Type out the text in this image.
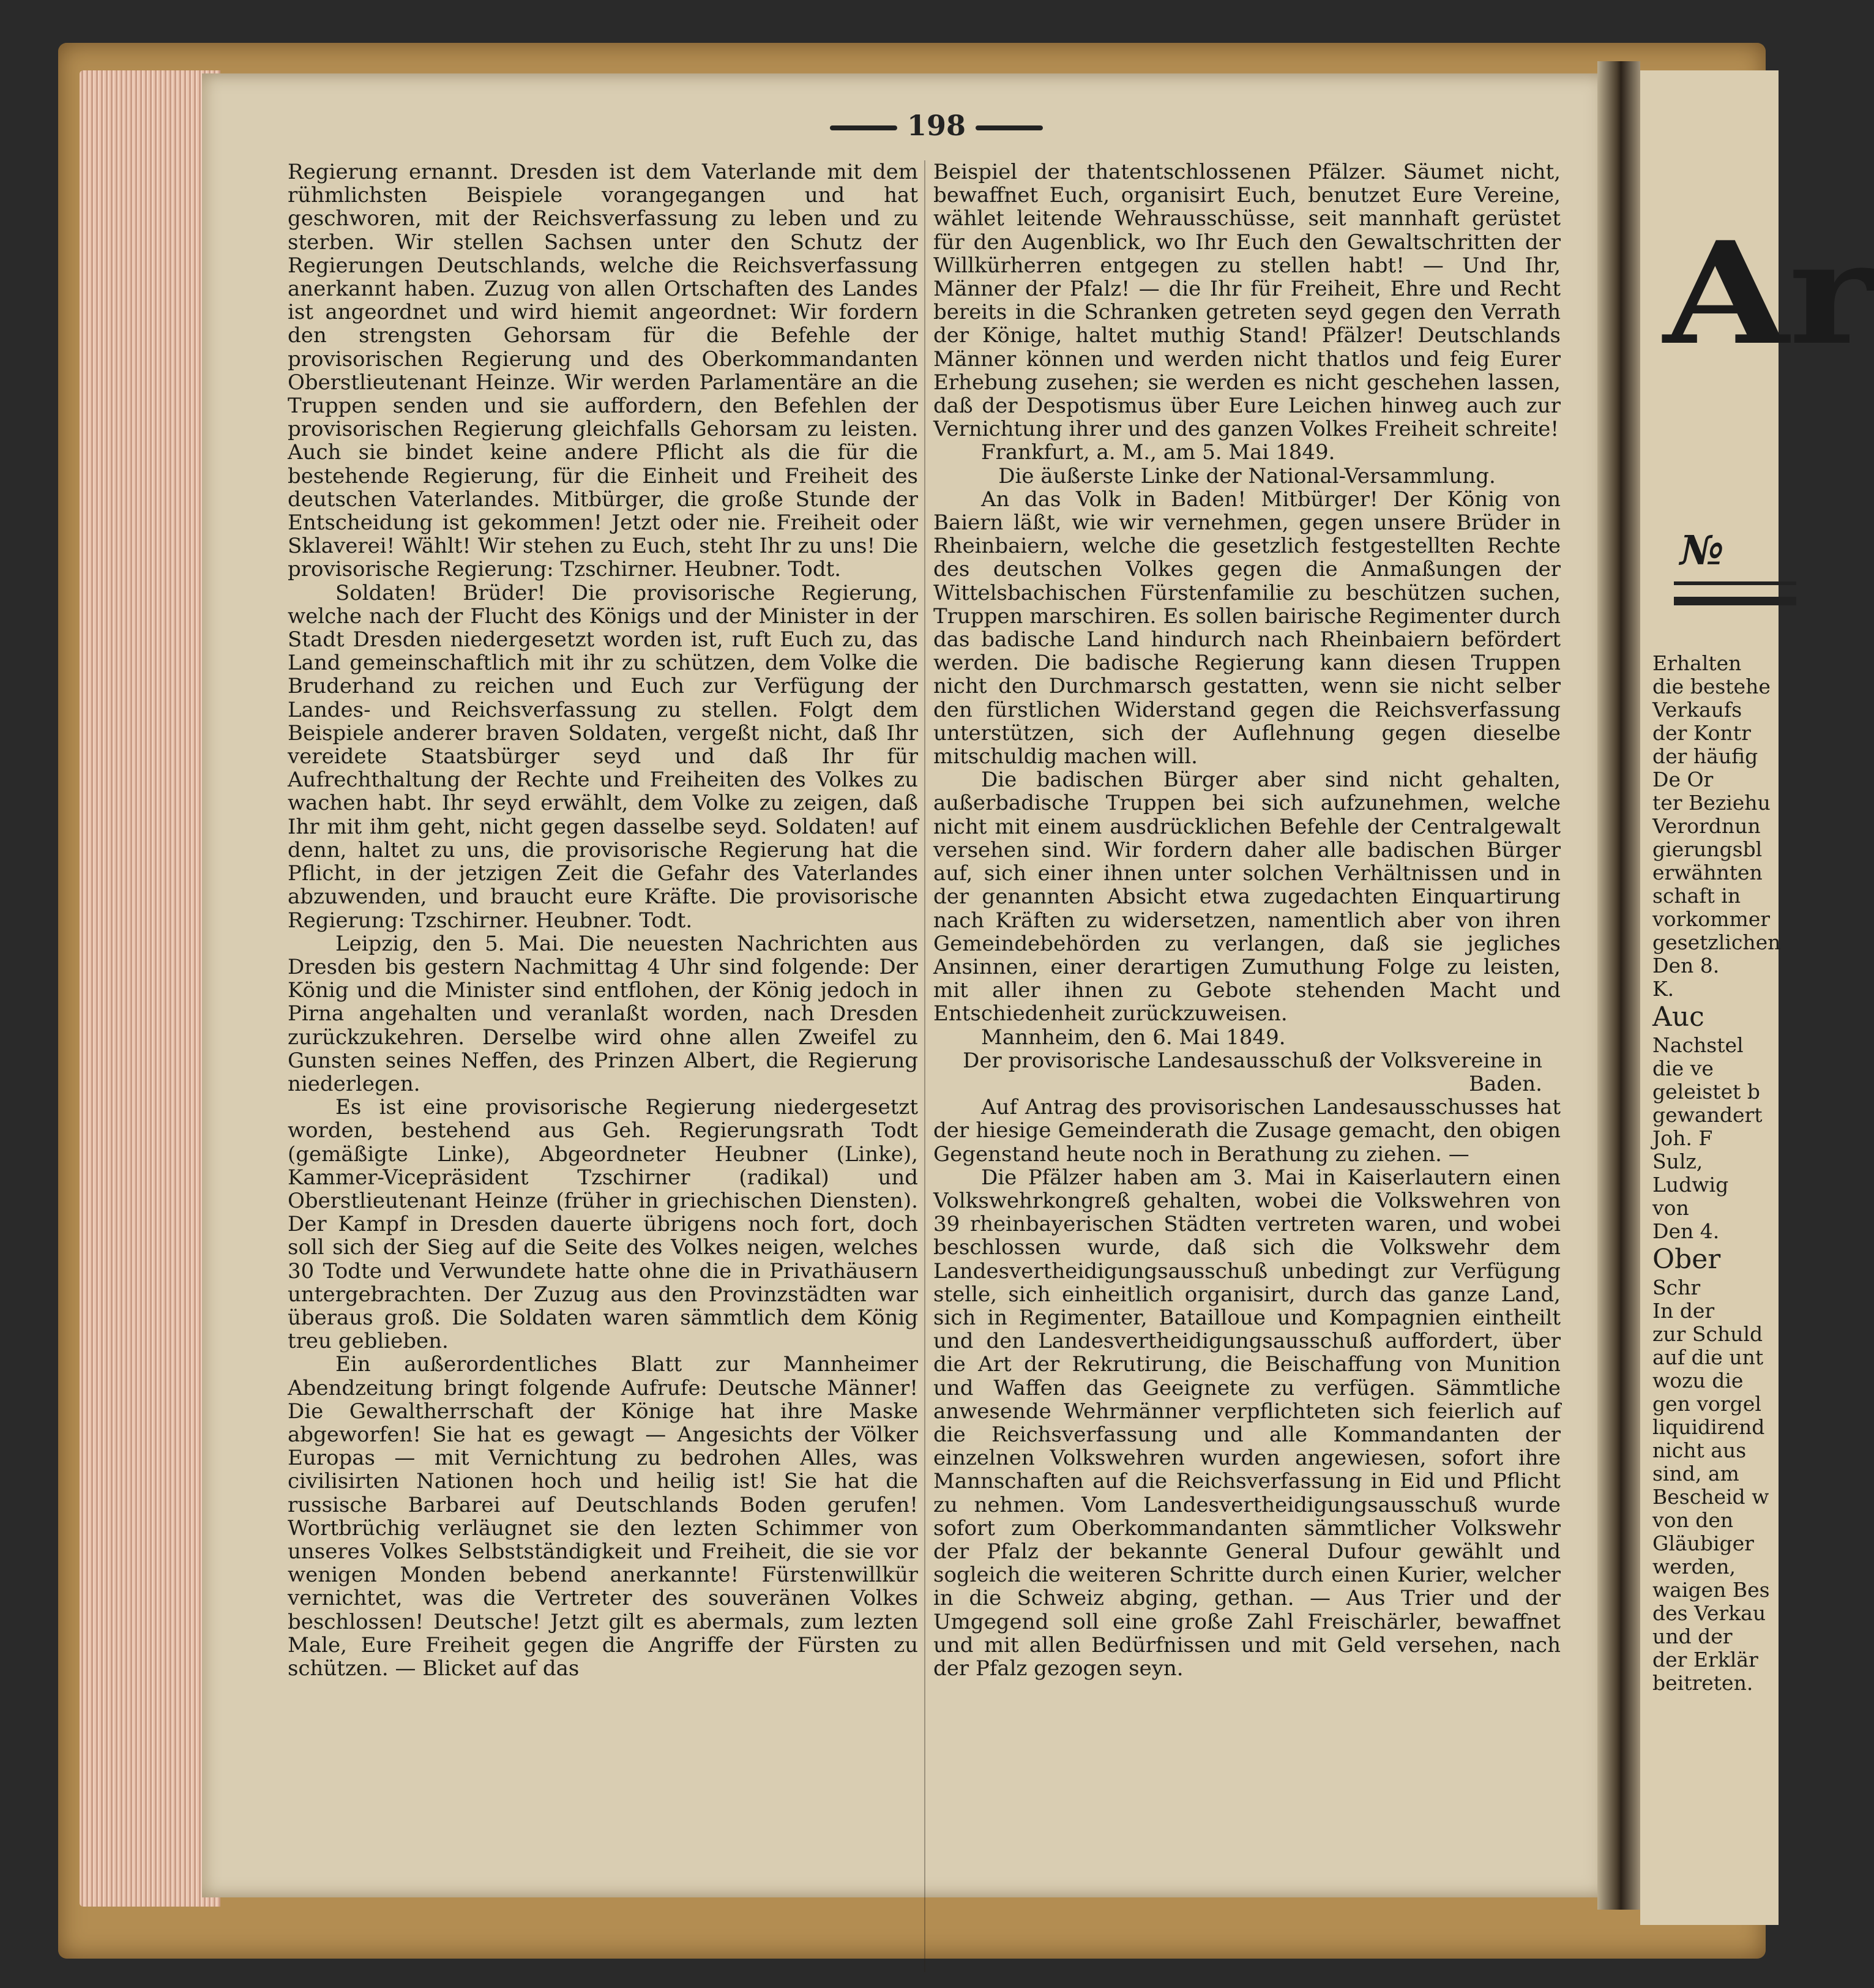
198

Regierung ernannt. Dresden ist dem Vaterlande mit dem rühmlichsten Beispiele vorangegangen und hat geschworen, mit der Reichsverfassung zu leben und zu sterben. Wir stellen Sachsen unter den Schutz der Regierungen Deutschlands, welche die Reichsverfassung anerkannt haben. Zuzug von allen Ortschaften des Landes ist angeordnet und wird hiemit angeordnet: Wir fordern den strengsten Gehorsam für die Befehle der provisorischen Regierung und des Oberkommandanten Oberstlieutenant Heinze. Wir werden Parlamentäre an die Truppen senden und sie auffordern, den Befehlen der provisorischen Regierung gleichfalls Gehorsam zu leisten. Auch sie bindet keine andere Pflicht als die für die bestehende Regierung, für die Einheit und Freiheit des deutschen Vaterlandes. Mitbürger, die große Stunde der Entscheidung ist gekommen! Jetzt oder nie. Freiheit oder Sklaverei! Wählt! Wir stehen zu Euch, steht Ihr zu uns! Die provisorische Regierung: Tzschirner. Heubner. Todt.

Soldaten! Brüder! Die provisorische Regierung, welche nach der Flucht des Königs und der Minister in der Stadt Dresden niedergesetzt worden ist, ruft Euch zu, das Land gemeinschaftlich mit ihr zu schützen, dem Volke die Bruderhand zu reichen und Euch zur Verfügung der Landes- und Reichsverfassung zu stellen. Folgt dem Beispiele anderer braven Soldaten, vergeßt nicht, daß Ihr vereidete Staatsbürger seyd und daß Ihr für Aufrechthaltung der Rechte und Freiheiten des Volkes zu wachen habt. Ihr seyd erwählt, dem Volke zu zeigen, daß Ihr mit ihm geht, nicht gegen dasselbe seyd. Soldaten! auf denn, haltet zu uns, die provisorische Regierung hat die Pflicht, in der jetzigen Zeit die Gefahr des Vaterlandes abzuwenden, und braucht eure Kräfte. Die provisorische Regierung: Tzschirner. Heubner. Todt.

Leipzig, den 5. Mai. Die neuesten Nachrichten aus Dresden bis gestern Nachmittag 4 Uhr sind folgende: Der König und die Minister sind entflohen, der König jedoch in Pirna angehalten und veranlaßt worden, nach Dresden zurückzukehren. Derselbe wird ohne allen Zweifel zu Gunsten seines Neffen, des Prinzen Albert, die Regierung niederlegen.

Es ist eine provisorische Regierung niedergesetzt worden, bestehend aus Geh. Regierungsrath Todt (gemäßigte Linke), Abgeordneter Heubner (Linke), Kammer-Vicepräsident Tzschirner (radikal) und Oberstlieutenant Heinze (früher in griechischen Diensten). Der Kampf in Dresden dauerte übrigens noch fort, doch soll sich der Sieg auf die Seite des Volkes neigen, welches 30 Todte und Verwundete hatte ohne die in Privathäusern untergebrachten. Der Zuzug aus den Provinzstädten war überaus groß. Die Soldaten waren sämmtlich dem König treu geblieben.

Ein außerordentliches Blatt zur Mannheimer Abendzeitung bringt folgende Aufrufe: Deutsche Männer! Die Gewaltherrschaft der Könige hat ihre Maske abgeworfen! Sie hat es gewagt — Angesichts der Völker Europas — mit Vernichtung zu bedrohen Alles, was civilisirten Nationen hoch und heilig ist! Sie hat die russische Barbarei auf Deutschlands Boden gerufen! Wortbrüchig verläugnet sie den lezten Schimmer von unseres Volkes Selbstständigkeit und Freiheit, die sie vor wenigen Monden bebend anerkannte! Fürstenwillkür vernichtet, was die Vertreter des souveränen Volkes beschlossen! Deutsche! Jetzt gilt es abermals, zum lezten Male, Eure Freiheit gegen die Angriffe der Fürsten zu schützen. — Blicket auf das

Beispiel der thatentschlossenen Pfälzer. Säumet nicht, bewaffnet Euch, organisirt Euch, benutzet Eure Vereine, wählet leitende Wehrausschüsse, seit mannhaft gerüstet für den Augenblick, wo Ihr Euch den Gewaltschritten der Willkürherren entgegen zu stellen habt! — Und Ihr, Männer der Pfalz! — die Ihr für Freiheit, Ehre und Recht bereits in die Schranken getreten seyd gegen den Verrath der Könige, haltet muthig Stand! Pfälzer! Deutschlands Männer können und werden nicht thatlos und feig Eurer Erhebung zusehen; sie werden es nicht geschehen lassen, daß der Despotismus über Eure Leichen hinweg auch zur Vernichtung ihrer und des ganzen Volkes Freiheit schreite!

Frankfurt, a. M., am 5. Mai 1849.

Die äußerste Linke der National-Versammlung.

An das Volk in Baden! Mitbürger! Der König von Baiern läßt, wie wir vernehmen, gegen unsere Brüder in Rheinbaiern, welche die gesetzlich festgestellten Rechte des deutschen Volkes gegen die Anmaßungen der Wittelsbachischen Fürstenfamilie zu beschützen suchen, Truppen marschiren. Es sollen bairische Regimenter durch das badische Land hindurch nach Rheinbaiern befördert werden. Die badische Regierung kann diesen Truppen nicht den Durchmarsch gestatten, wenn sie nicht selber den fürstlichen Widerstand gegen die Reichsverfassung unterstützen, sich der Auflehnung gegen dieselbe mitschuldig machen will.

Die badischen Bürger aber sind nicht gehalten, außerbadische Truppen bei sich aufzunehmen, welche nicht mit einem ausdrücklichen Befehle der Centralgewalt versehen sind. Wir fordern daher alle badischen Bürger auf, sich einer ihnen unter solchen Verhältnissen und in der genannten Absicht etwa zugedachten Einquartirung nach Kräften zu widersetzen, namentlich aber von ihren Gemeindebehörden zu verlangen, daß sie jegliches Ansinnen, einer derartigen Zumuthung Folge zu leisten, mit aller ihnen zu Gebote stehenden Macht und Entschiedenheit zurückzuweisen.

Mannheim, den 6. Mai 1849.

Der provisorische Landesausschuß der Volksvereine in Baden.

Auf Antrag des provisorischen Landesausschusses hat der hiesige Gemeinderath die Zusage gemacht, den obigen Gegenstand heute noch in Berathung zu ziehen. —

Die Pfälzer haben am 3. Mai in Kaiserlautern einen Volkswehrkongreß gehalten, wobei die Volkswehren von 39 rheinbayerischen Städten vertreten waren, und wobei beschlossen wurde, daß sich die Volkswehr dem Landesvertheidigungsausschuß unbedingt zur Verfügung stelle, sich einheitlich organisirt, durch das ganze Land, sich in Regimenter, Batailloue und Kompagnien eintheilt und den Landesvertheidigungsausschuß auffordert, über die Art der Rekrutirung, die Beischaffung von Munition und Waffen das Geeignete zu verfügen. Sämmtliche anwesende Wehrmänner verpflichteten sich feierlich auf die Reichsverfassung und alle Kommandanten der einzelnen Volkswehren wurden angewiesen, sofort ihre Mannschaften auf die Reichsverfassung in Eid und Pflicht zu nehmen. Vom Landesvertheidigungsausschuß wurde sofort zum Oberkommandanten sämmtlicher Volkswehr der Pfalz der bekannte General Dufour gewählt und sogleich die weiteren Schritte durch einen Kurier, welcher in die Schweiz abging, gethan. — Aus Trier und der Umgegend soll eine große Zahl Freischärler, bewaffnet und mit allen Bedürfnissen und mit Geld versehen, nach der Pfalz gezogen seyn.

Ar
№
Erhalten
die bestehe
Verkaufs
der Kontr
der häufig
De Or
ter Beziehu
Verordnun
gierungsbl
erwähnten
schaft in
vorkommer
gesetzlichen
Den 8.
K.
Auc
Nachstel
die ve
geleistet b
gewandert
Joh. F
Sulz,
Ludwig
von
Den 4.
Ober
Schr
In der
zur Schuld
auf die unt
wozu die
gen vorgel
liquidirend
nicht aus
sind, am
Bescheid w
von den
Gläubiger
werden,
waigen Bes
des Verkau
und der
der Erklär
beitreten.
